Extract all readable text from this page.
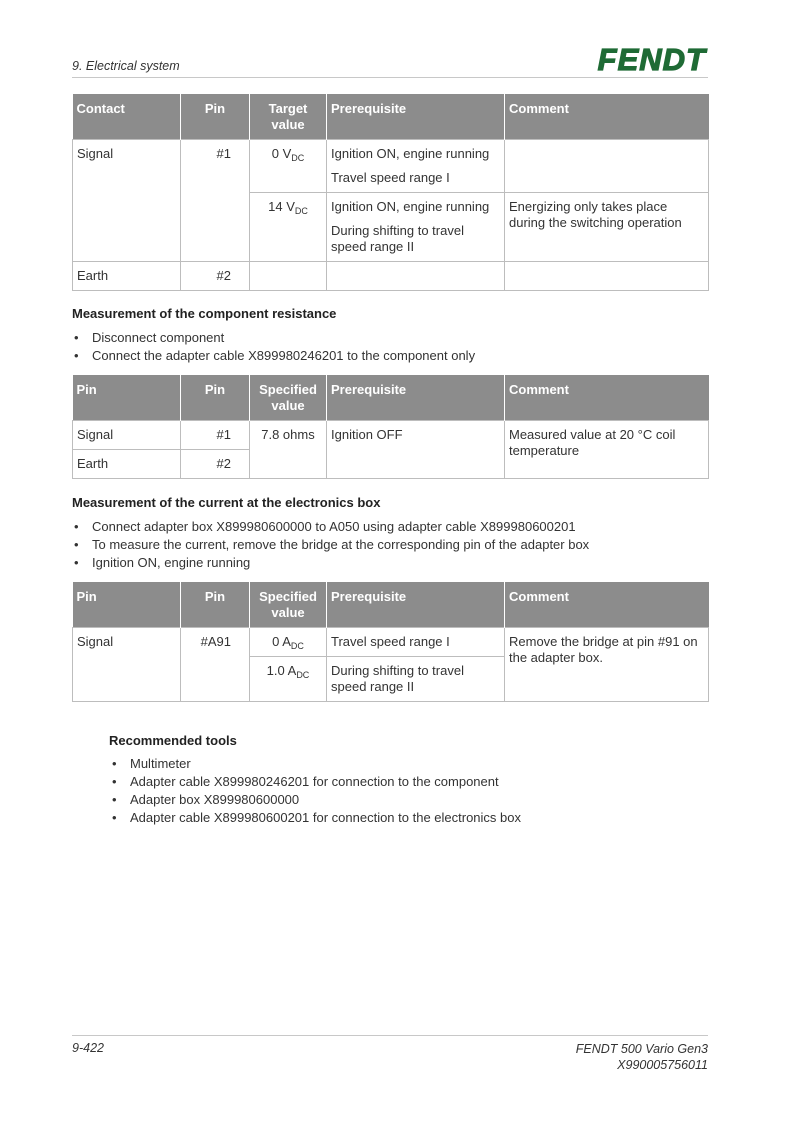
9. Electrical system	FENDT
Contact	Pin	Target value	Prerequisite	Comment
Signal	#1	0 $V_{DC}$	Ignition ON, engine running
Travel speed range I	

		14 $V_{DC}$	Ignition ON, engine running
During shifting to travel speed range II	Energizing only takes place during the switching operation
Earth	#2			
Measurement of the component resistance
• Disconnect component
• Connect the adapter cable X899980246201 to the component only
Pin	Pin	Specified value	Prerequisite	Comment
Signal	#1	7.8 ohms	Ignition OFF	Measured value at 20 °C coil temperature
Earth	#2			
Measurement of the current at the electronics box
• Connect adapter box X899980600000 to A050 using adapter cable X899980600201
• To measure the current, remove the bridge at the corresponding pin of the adapter box
• Ignition ON, engine running
Pin	Pin	Specified value	Prerequisite	Comment
Signal	#A91	0 $A_{DC}$	Travel speed range I	Remove the bridge at pin #91 on the adapter box.
		1.0 $A_{DC}$	During shifting to travel speed range II	
Recommended tools
• Multimeter
• Adapter cable X899980246201 for connection to the component
• Adapter box X899980600000
• Adapter cable X899980600201 for connection to the electronics box
9-422	FENDT 500 Vario Gen3
X990005756011
